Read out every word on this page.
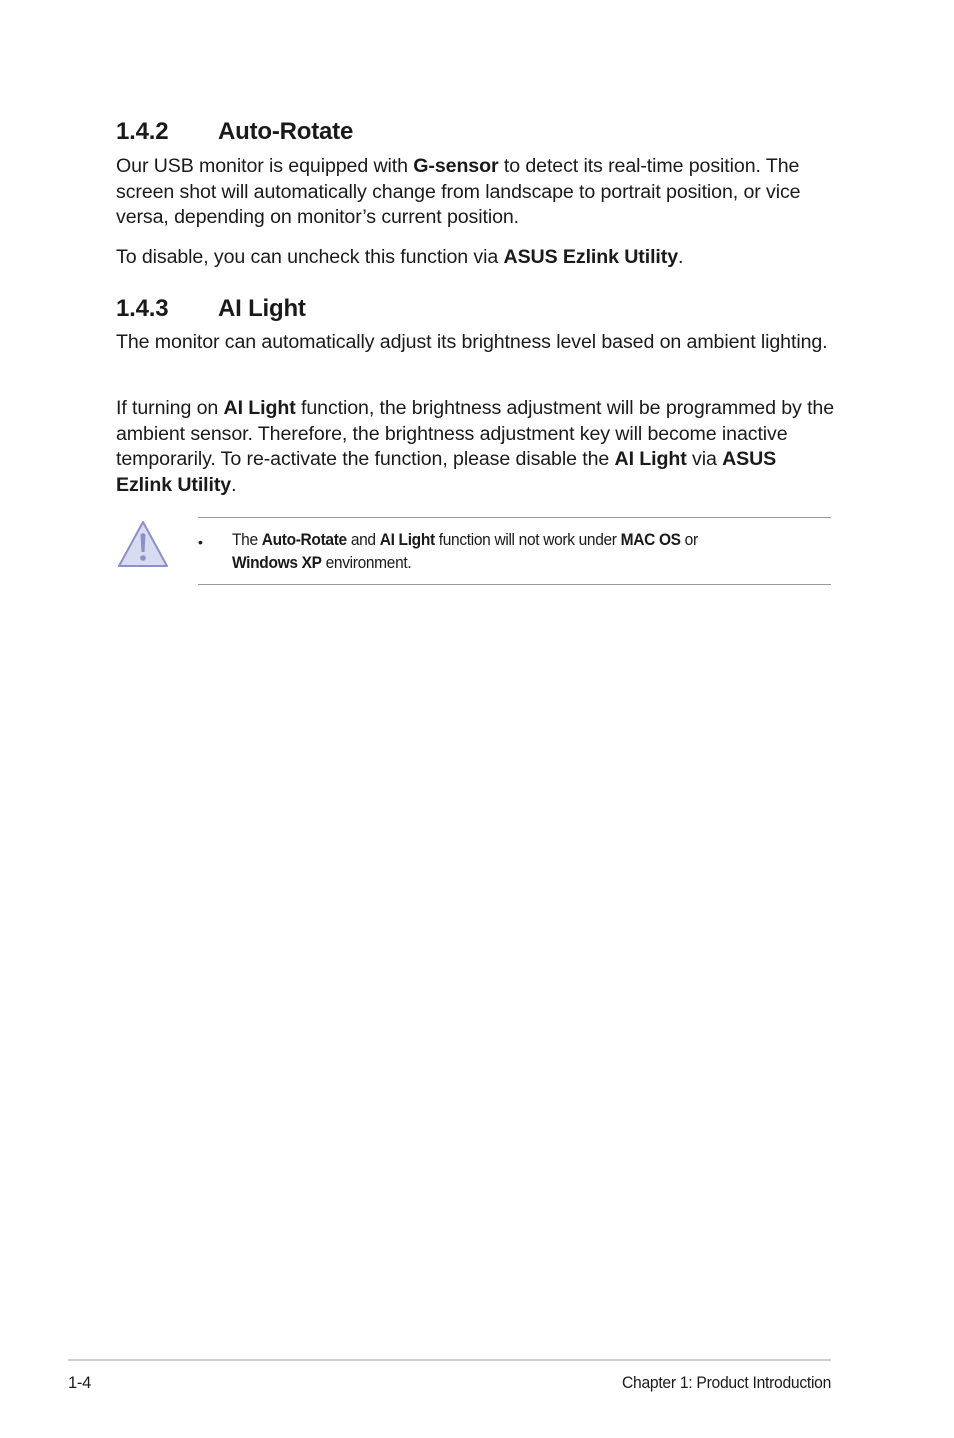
1.4.2 Auto-Rotate

Our USB monitor is equipped with G-sensor to detect its real-time position. The screen shot will automatically change from landscape to portrait position, or vice versa, depending on monitor’s current position.

To disable, you can uncheck this function via ASUS Ezlink Utility.

1.4.3 AI Light

The monitor can automatically adjust its brightness level based on ambient lighting.

If turning on AI Light function, the brightness adjustment will be programmed by the ambient sensor. Therefore, the brightness adjustment key will become inactive temporarily. To re-activate the function, please disable the AI Light via ASUS Ezlink Utility.

• The Auto-Rotate and AI Light function will not work under MAC OS or
Windows XP environment.
1-4	Chapter 1: Product Introduction
